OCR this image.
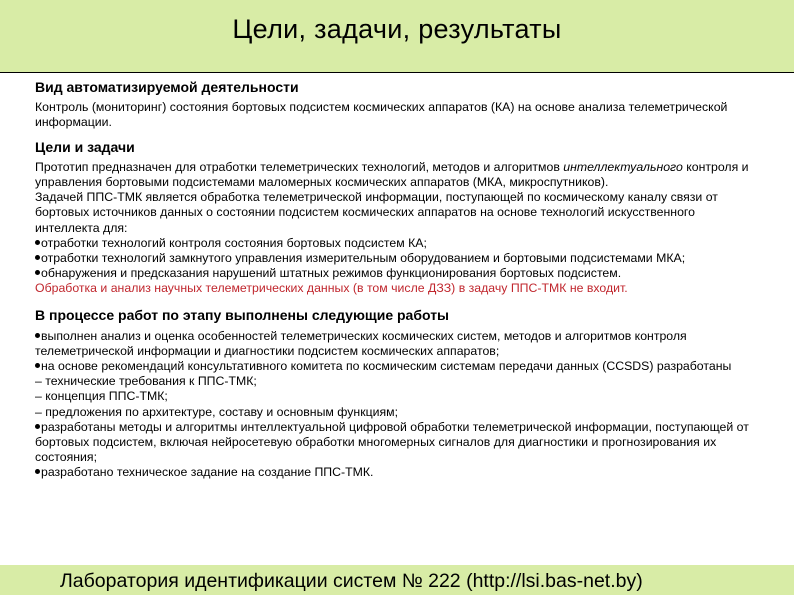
Цели, задачи, результаты
Вид автоматизируемой деятельности
Контроль (мониторинг) состояния бортовых подсистем космических аппаратов (КА) на основе анализа телеметрической информации.
Цели и задачи
Прототип предназначен для отработки телеметрических технологий, методов и алгоритмов интеллектуального контроля и управления бортовыми подсистемами маломерных космических аппаратов (МКА, микроспутников).
Задачей ППС-ТМК является обработка телеметрической информации, поступающей по космическому каналу связи от бортовых источников данных о состоянии подсистем космических аппаратов на основе технологий искусственного интеллекта для:
отработки технологий контроля состояния бортовых подсистем КА;
отработки технологий замкнутого управления измерительным оборудованием и бортовыми подсистемами МКА;
обнаружения и предсказания нарушений штатных режимов функционирования бортовых подсистем.
Обработка и анализ научных телеметрических данных (в том числе ДЗЗ) в задачу ППС-ТМК не входит.
В процессе работ по этапу выполнены следующие работы
выполнен анализ и оценка особенностей телеметрических космических систем, методов и алгоритмов контроля телеметрической информации и диагностики подсистем космических аппаратов;
на основе рекомендаций консультативного комитета по космическим системам передачи данных (CCSDS) разработаны
– технические требования к ППС-ТМК;
– концепция ППС-ТМК;
– предложения по архитектуре, составу и основным функциям;
разработаны методы и алгоритмы интеллектуальной цифровой обработки телеметрической информации, поступающей от бортовых подсистем, включая нейросетевую обработки многомерных сигналов для диагностики и прогнозирования их состояния;
разработано техническое задание на создание ППС-ТМК.
Лаборатория идентификации систем № 222 (http://lsi.bas-net.by)
